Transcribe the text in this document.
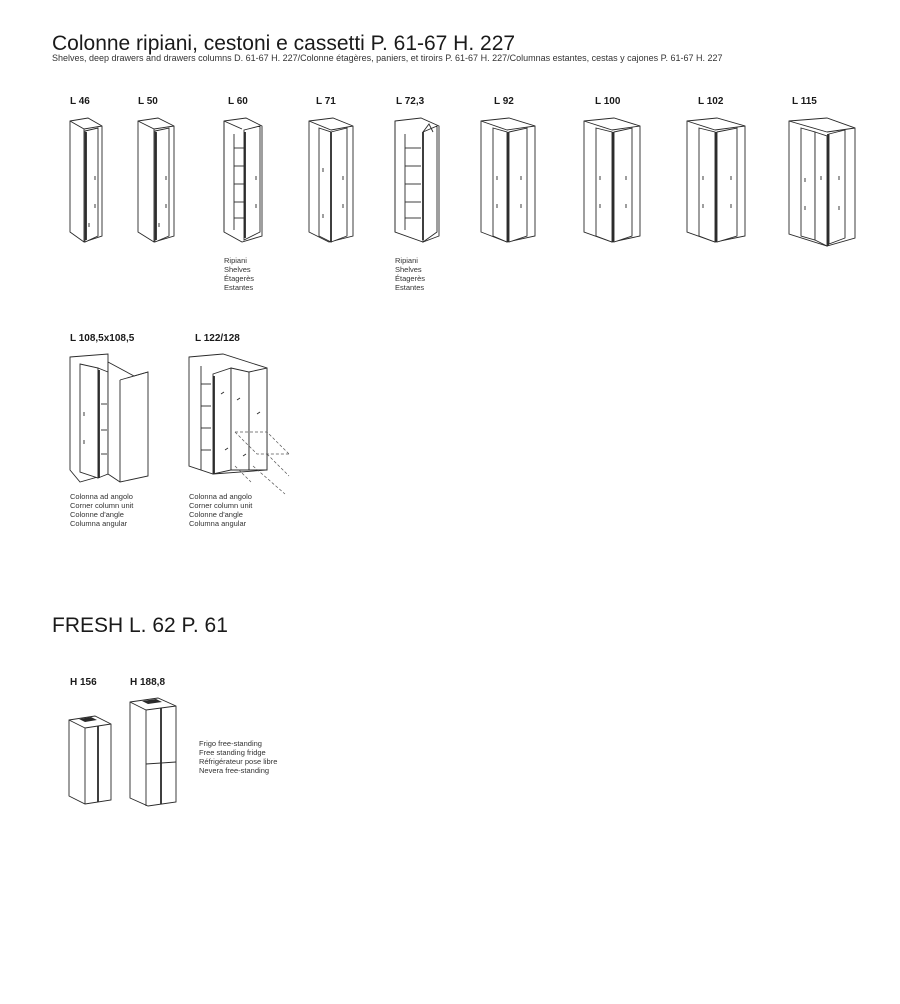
Colonne ripiani, cestoni e cassetti P. 61-67 H. 227
Shelves, deep drawers and drawers columns D. 61-67 H. 227/Colonne étagères, paniers, et tiroirs P. 61-67 H. 227/Columnas estantes, cestas y cajones P. 61-67 H. 227
L 46	L 50	L 60	L 71	L 72,3	L 92	L 100	L 102	L 115
Ripiani
Shelves
Étagerès
Estantes
Ripiani
Shelves
Étagerès
Estantes
L 108,5x108,5	L 122/128
Colonna ad angolo
Corner column unit
Colonne d'angle
Columna angular
Colonna ad angolo
Corner column unit
Colonne d'angle
Columna angular
FRESH L. 62 P. 61
H 156	H 188,8
Frigo free-standing
Free standing fridge
Réfrigérateur pose libre
Nevera free-standing
